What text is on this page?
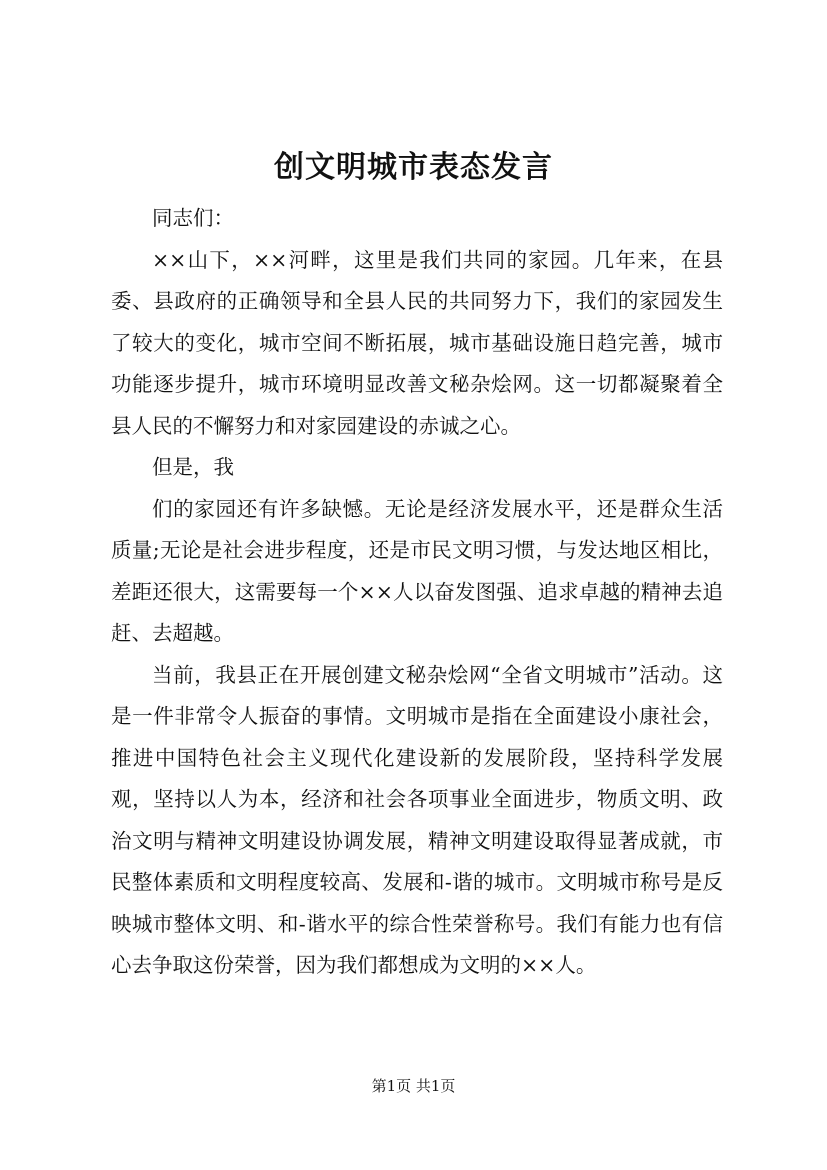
创文明城市表态发言

同志们：

××山下，××河畔，这里是我们共同的家园。几年来，在县委、县政府的正确领导和全县人民的共同努力下，我们的家园发生了较大的变化，城市空间不断拓展，城市基础设施日趋完善，城市功能逐步提升，城市环境明显改善文秘杂烩网。这一切都凝聚着全县人民的不懈努力和对家园建设的赤诚之心。

但是，我

们的家园还有许多缺憾。无论是经济发展水平，还是群众生活质量;无论是社会进步程度，还是市民文明习惯，与发达地区相比，差距还很大，这需要每一个××人以奋发图强、追求卓越的精神去追赶、去超越。

当前，我县正在开展创建文秘杂烩网“全省文明城市”活动。这是一件非常令人振奋的事情。文明城市是指在全面建设小康社会，推进中国特色社会主义现代化建设新的发展阶段，坚持科学发展观，坚持以人为本，经济和社会各项事业全面进步，物质文明、政治文明与精神文明建设协调发展，精神文明建设取得显著成就，市民整体素质和文明程度较高、发展和-谐的城市。文明城市称号是反映城市整体文明、和-谐水平的综合性荣誉称号。我们有能力也有信心去争取这份荣誉，因为我们都想成为文明的××人。

第1页 共1页
